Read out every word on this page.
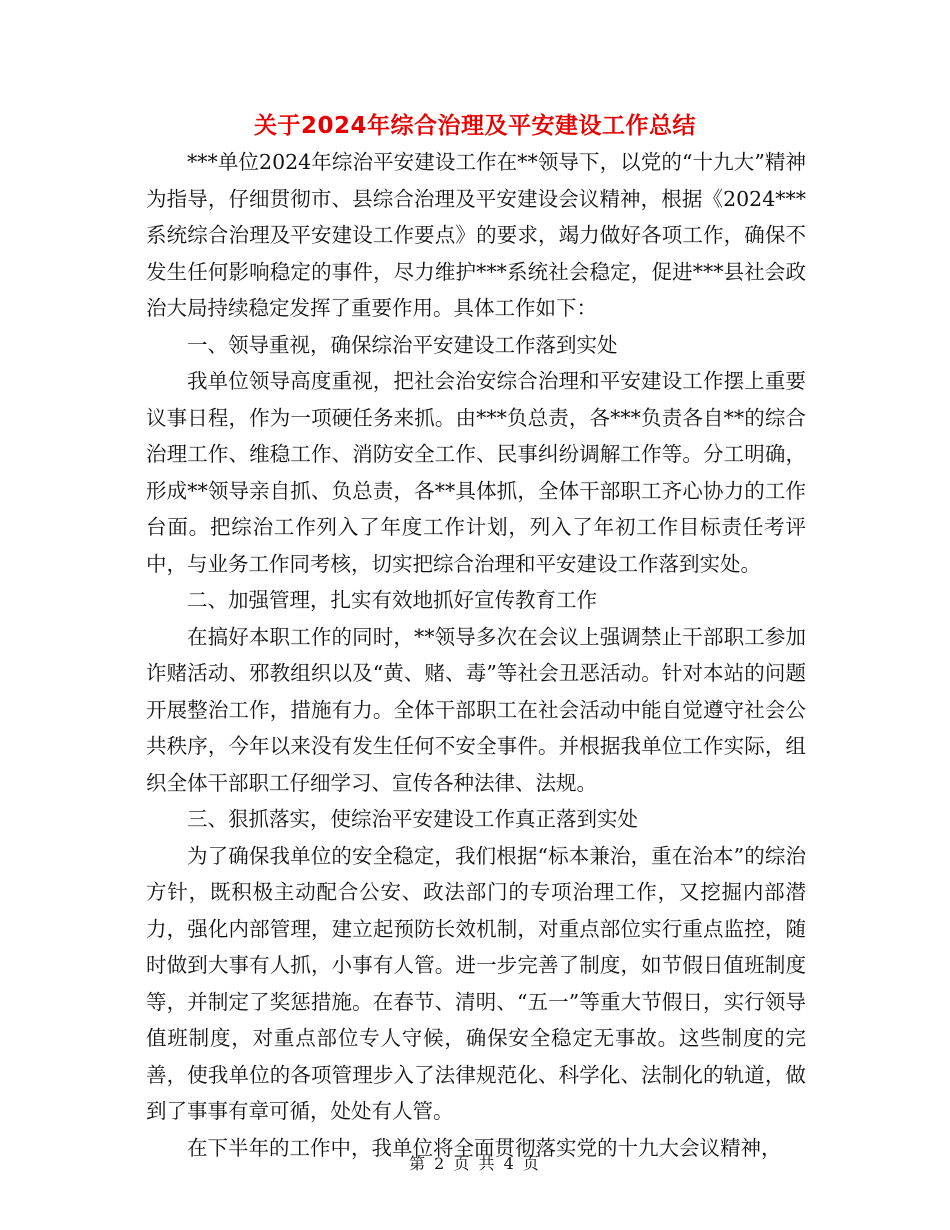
关于2024年综合治理及平安建设工作总结

***单位2024年综治平安建设工作在**领导下，以党的“十九大”精神为指导，仔细贯彻市、县综合治理及平安建设会议精神，根据《2024***系统综合治理及平安建设工作要点》的要求，竭力做好各项工作，确保不发生任何影响稳定的事件，尽力维护***系统社会稳定，促进***县社会政治大局持续稳定发挥了重要作用。具体工作如下：

一、领导重视，确保综治平安建设工作落到实处

我单位领导高度重视，把社会治安综合治理和平安建设工作摆上重要议事日程，作为一项硬任务来抓。由***负总责，各***负责各自**的综合治理工作、维稳工作、消防安全工作、民事纠纷调解工作等。分工明确，形成**领导亲自抓、负总责，各**具体抓，全体干部职工齐心协力的工作台面。把综治工作列入了年度工作计划，列入了年初工作目标责任考评中，与业务工作同考核，切实把综合治理和平安建设工作落到实处。

二、加强管理，扎实有效地抓好宣传教育工作

在搞好本职工作的同时，**领导多次在会议上强调禁止干部职工参加诈赌活动、邪教组织以及“黄、赌、毒”等社会丑恶活动。针对本站的问题开展整治工作，措施有力。全体干部职工在社会活动中能自觉遵守社会公共秩序，今年以来没有发生任何不安全事件。并根据我单位工作实际，组织全体干部职工仔细学习、宣传各种法律、法规。

三、狠抓落实，使综治平安建设工作真正落到实处

为了确保我单位的安全稳定，我们根据“标本兼治，重在治本”的综治方针，既积极主动配合公安、政法部门的专项治理工作，又挖掘内部潜力，强化内部管理，建立起预防长效机制，对重点部位实行重点监控，随时做到大事有人抓，小事有人管。进一步完善了制度，如节假日值班制度等，并制定了奖惩措施。在春节、清明、“五一”等重大节假日，实行领导值班制度，对重点部位专人守候，确保安全稳定无事故。这些制度的完善，使我单位的各项管理步入了法律规范化、科学化、法制化的轨道，做到了事事有章可循，处处有人管。

在下半年的工作中，我单位将全面贯彻落实党的十九大会议精神，

第 2 页 共 4 页
